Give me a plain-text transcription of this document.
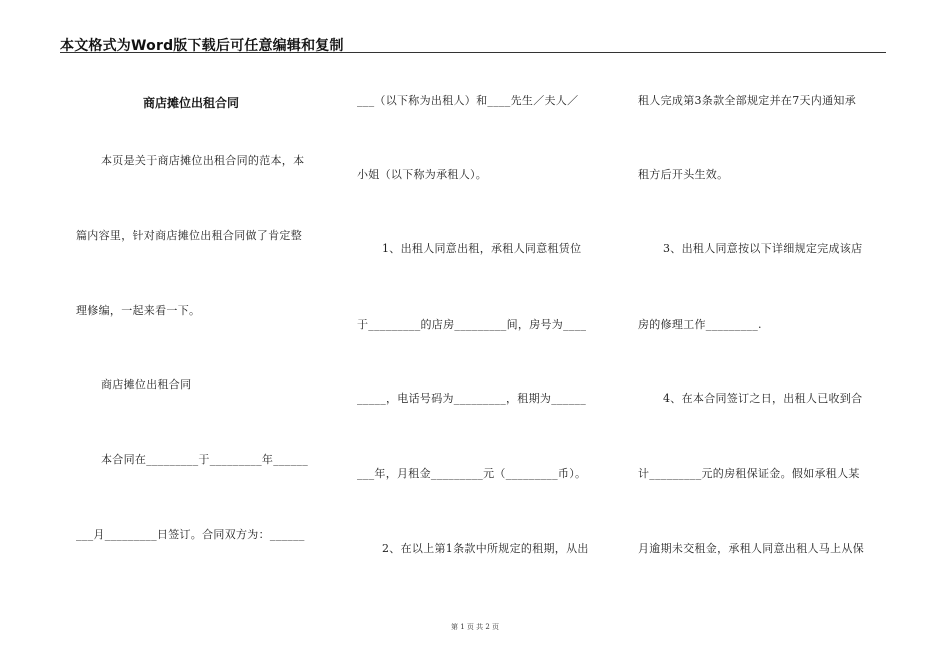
本文格式为Word版下载后可任意编辑和复制
商店摊位出租合同
本页是关于商店摊位出租合同的范本，本
篇内容里，针对商店摊位出租合同做了肯定整
理修编，一起来看一下。
商店摊位出租合同
本合同在_________于_________年______
___月_________日签订。合同双方为：______
___（以下称为出租人）和____先生／夫人／
小姐（以下称为承租人）。
1、出租人同意出租，承租人同意租赁位
于_________的店房_________间，房号为____
_____，电话号码为_________，租期为______
___年，月租金_________元（_________币）。
2、在以上第1条款中所规定的租期，从出
租人完成第3条款全部规定并在7天内通知承
租方后开头生效。
3、出租人同意按以下详细规定完成该店
房的修理工作_________.
4、在本合同签订之日，出租人已收到合
计_________元的房租保证金。假如承租人某
月逾期未交租金，承租人同意出租人马上从保
第 1 页 共 2 页
